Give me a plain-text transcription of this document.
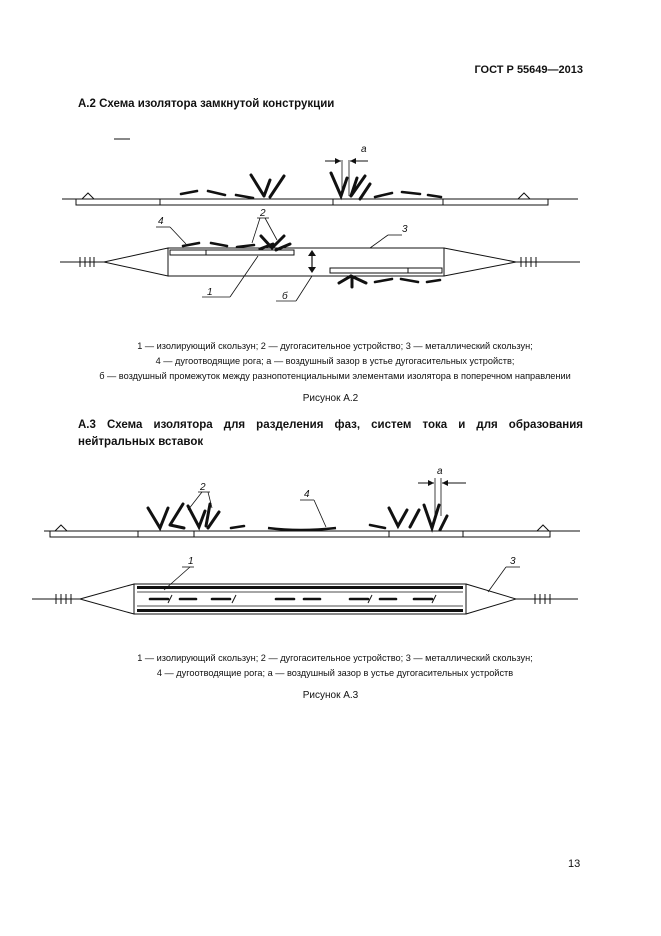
ГОСТ Р 55649—2013
А.2 Схема изолятора замкнутой конструкции
а
1	б
4
2
3
1 — изолирующий скользун; 2 — дугогасительное устройство; 3 — металлический скользун;
4 — дугоотводящие рога; а — воздушный зазор в устье дугогасительных устройств;
б — воздушный промежуток между разнопотенциальными элементами изолятора в поперечном направлении
Рисунок А.2
А.3 Схема изолятора для разделения фаз, систем тока и для образования
нейтральных вставок
а
2
4
1	3
1 — изолирующий скользун; 2 — дугогасительное устройство; 3 — металлический скользун;
4 — дугоотводящие рога; а — воздушный зазор в устье дугогасительных устройств
Рисунок А.3
13
